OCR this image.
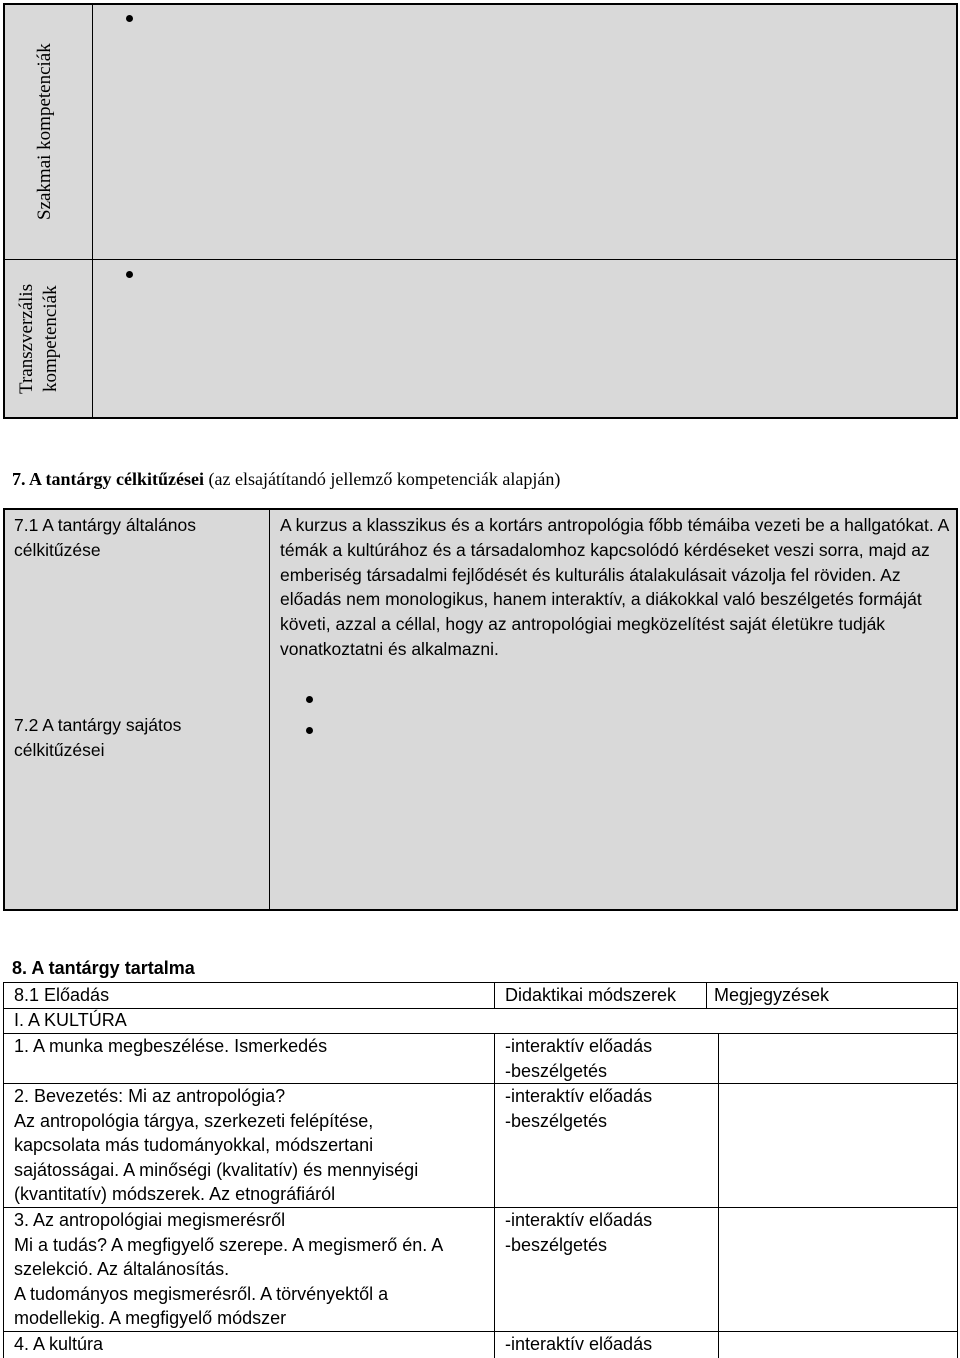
Szakmai kompetenciák
Transzverzális kompetenciák
7. A tantárgy célkitűzései (az elsajátítandó jellemző kompetenciák alapján)
7.1 A tantárgy általános célkitűzése
A kurzus a klasszikus és a kortárs antropológia főbb témáiba vezeti be a hallgatókat. A témák a kultúrához és a társadalomhoz kapcsolódó kérdéseket veszi sorra, majd az emberiség társadalmi fejlődését és kulturális átalakulásait vázolja fel röviden. Az előadás nem monologikus, hanem interaktív, a diákokkal való beszélgetés formáját követi, azzal a céllal, hogy az antropológiai megközelítést saját életükre tudják vonatkoztatni és alkalmazni.
7.2 A tantárgy sajátos célkitűzései
8. A tantárgy tartalma
8.1 Előadás	Didaktikai módszerek Megjegyzések
I. A KULTÚRA
1. A munka megbeszélése. Ismerkedés	-interaktív előadás
-beszélgetés
2. Bevezetés: Mi az antropológia?
Az antropológia tárgya, szerkezeti felépítése,
kapcsolata más tudományokkal, módszertani
sajátosságai. A minőségi (kvalitatív) és mennyiségi
(kvantitatív) módszerek. Az etnográfiáról
-interaktív előadás
-beszélgetés
3. Az antropológiai megismerésről
Mi a tudás? A megfigyelő szerepe. A megismerő én. A
szelekció. Az általánosítás.
A tudományos megismerésről. A törvényektől a
modellekig. A megfigyelő módszer
-interaktív előadás
-beszélgetés
4. A kultúra	-interaktív előadás
